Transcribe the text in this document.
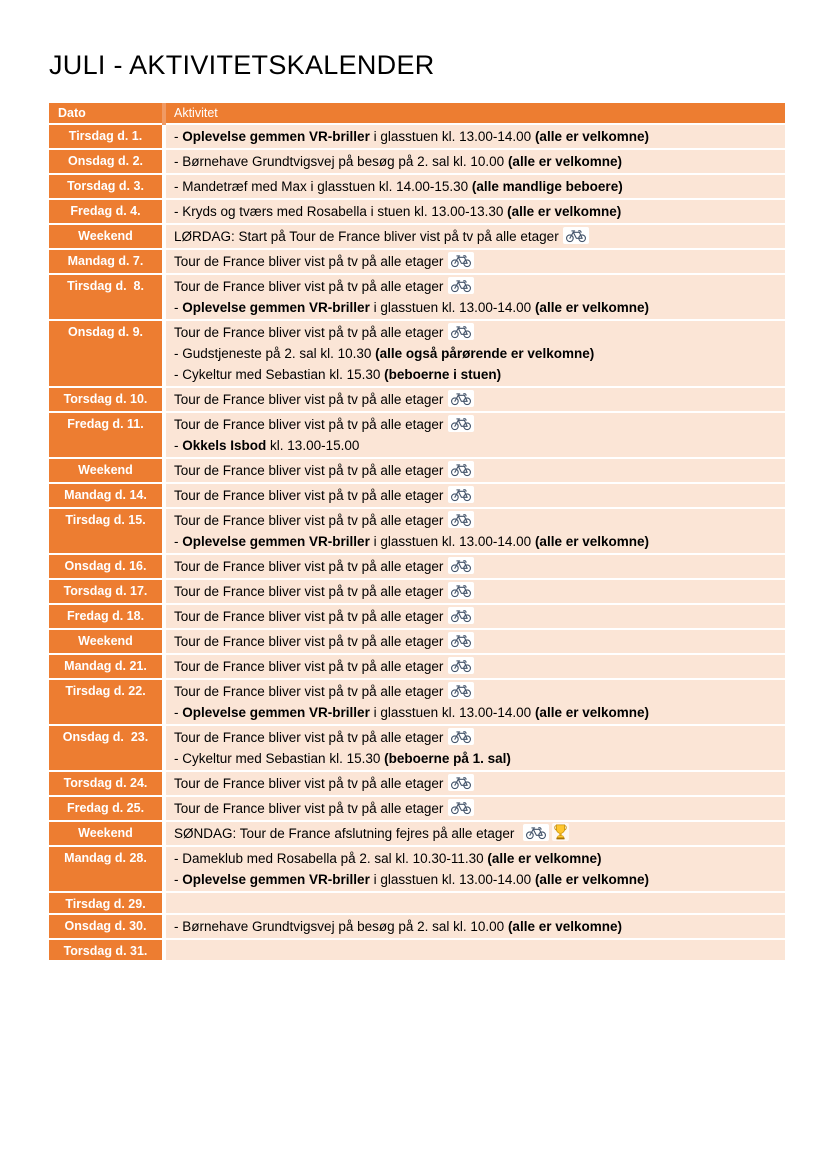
JULI - AKTIVITETSKALENDER
Dato	Aktivitet
Tirsdag d. 1.	- Oplevelse gemmen VR-briller i glasstuen kl. 13.00-14.00 (alle er velkomne)

Onsdag d. 2.	- Børnehave Grundtvigsvej på besøg på 2. sal kl. 10.00 (alle er velkomne)

Torsdag d. 3.	- Mandetræf med Max i glasstuen kl. 14.00-15.30 (alle mandlige beboere)

Fredag d. 4.	- Kryds og tværs med Rosabella i stuen kl. 13.00-13.30 (alle er velkomne)

Weekend	LØRDAG: Start på Tour de France bliver vist på tv på alle etager

Mandag d. 7.	Tour de France bliver vist på tv på alle etager

Tirsdag d.  8.	Tour de France bliver vist på tv på alle etager
- Oplevelse gemmen VR-briller i glasstuen kl. 13.00-14.00 (alle er velkomne)

Onsdag d. 9.	Tour de France bliver vist på tv på alle etager
- Gudstjeneste på 2. sal kl. 10.30 (alle også pårørende er velkomne)
- Cykeltur med Sebastian kl. 15.30 (beboerne i stuen)

Torsdag d. 10.	Tour de France bliver vist på tv på alle etager

Fredag d. 11.	Tour de France bliver vist på tv på alle etager
- Okkels Isbod kl. 13.00-15.00

Weekend	Tour de France bliver vist på tv på alle etager

Mandag d. 14.	Tour de France bliver vist på tv på alle etager

Tirsdag d. 15.	Tour de France bliver vist på tv på alle etager
- Oplevelse gemmen VR-briller i glasstuen kl. 13.00-14.00 (alle er velkomne)

Onsdag d. 16.	Tour de France bliver vist på tv på alle etager

Torsdag d. 17.	Tour de France bliver vist på tv på alle etager

Fredag d. 18.	Tour de France bliver vist på tv på alle etager

Weekend	Tour de France bliver vist på tv på alle etager

Mandag d. 21.	Tour de France bliver vist på tv på alle etager

Tirsdag d. 22.	Tour de France bliver vist på tv på alle etager
- Oplevelse gemmen VR-briller i glasstuen kl. 13.00-14.00 (alle er velkomne)

Onsdag d.  23.	Tour de France bliver vist på tv på alle etager
- Cykeltur med Sebastian kl. 15.30 (beboerne på 1. sal)

Torsdag d. 24.	Tour de France bliver vist på tv på alle etager

Fredag d. 25.	Tour de France bliver vist på tv på alle etager

Weekend	SØNDAG: Tour de France afslutning fejres på alle etager

Mandag d. 28.	- Dameklub med Rosabella på 2. sal kl. 10.30-11.30 (alle er velkomne)
- Oplevelse gemmen VR-briller i glasstuen kl. 13.00-14.00 (alle er velkomne)

Tirsdag d. 29.	
Onsdag d. 30.	- Børnehave Grundtvigsvej på besøg på 2. sal kl. 10.00 (alle er velkomne)

Torsdag d. 31.	
